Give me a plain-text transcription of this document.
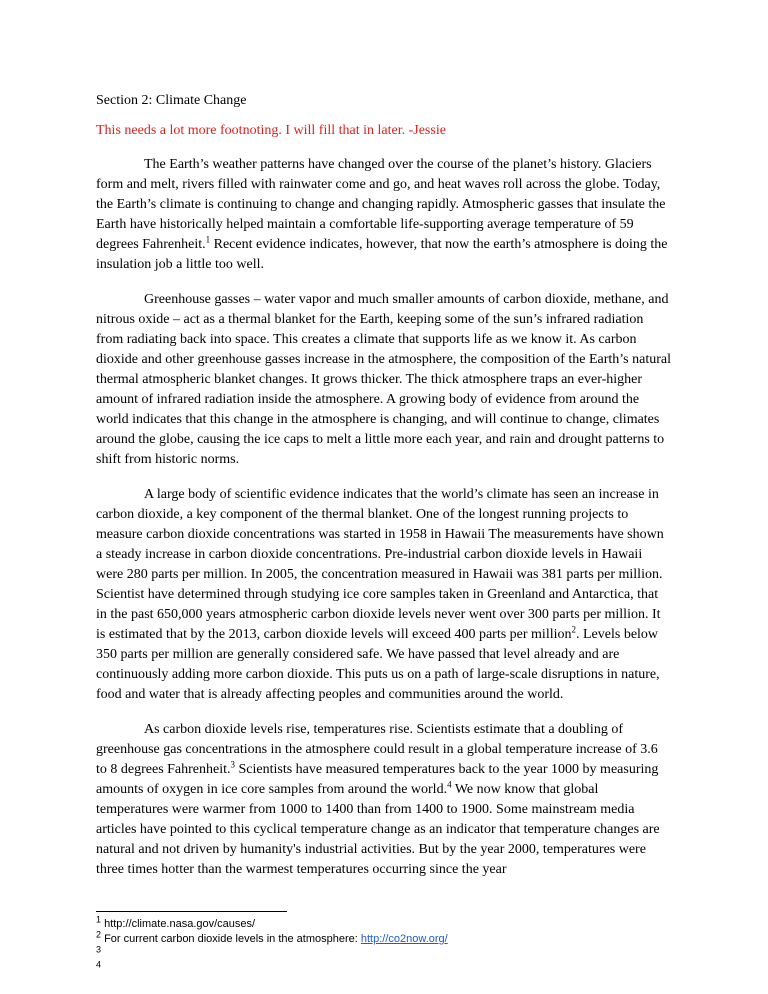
Section 2: Climate Change
This needs a lot more footnoting. I will fill that in later. -Jessie

The Earth’s weather patterns have changed over the course of the planet’s history. Glaciers form and melt, rivers filled with rainwater come and go, and heat waves roll across the globe. Today, the Earth’s climate is continuing to change and changing rapidly. Atmospheric gasses that insulate the Earth have historically helped maintain a comfortable life-supporting average temperature of 59 degrees Fahrenheit.$^1$ Recent evidence indicates, however, that now the earth’s atmosphere is doing the insulation job a little too well.

Greenhouse gasses – water vapor and much smaller amounts of carbon dioxide, methane, and nitrous oxide – act as a thermal blanket for the Earth, keeping some of the sun’s infrared radiation from radiating back into space. This creates a climate that supports life as we know it. As carbon dioxide and other greenhouse gasses increase in the atmosphere, the composition of the Earth’s natural thermal atmospheric blanket changes. It grows thicker. The thick atmosphere traps an ever-higher amount of infrared radiation inside the atmosphere. A growing body of evidence from around the world indicates that this change in the atmosphere is changing, and will continue to change, climates around the globe, causing the ice caps to melt a little more each year, and rain and drought patterns to shift from historic norms.

A large body of scientific evidence indicates that the world’s climate has seen an increase in carbon dioxide, a key component of the thermal blanket. One of the longest running projects to measure carbon dioxide concentrations was started in 1958 in Hawaii The measurements have shown a steady increase in carbon dioxide concentrations. Pre-industrial carbon dioxide levels in Hawaii were 280 parts per million. In 2005, the concentration measured in Hawaii was 381 parts per million. Scientist have determined through studying ice core samples taken in Greenland and Antarctica, that in the past 650,000 years atmospheric carbon dioxide levels never went over 300 parts per million. It is estimated that by the 2013, carbon dioxide levels will exceed 400 parts per million$^2$. Levels below 350 parts per million are generally considered safe. We have passed that level already and are continuously adding more carbon dioxide. This puts us on a path of large-scale disruptions in nature, food and water that is already affecting peoples and communities around the world.

As carbon dioxide levels rise, temperatures rise. Scientists estimate that a doubling of greenhouse gas concentrations in the atmosphere could result in a global temperature increase of 3.6 to 8 degrees Fahrenheit.$^3$ Scientists have measured temperatures back to the year 1000 by measuring amounts of oxygen in ice core samples from around the world.$^4$ We now know that global temperatures were warmer from 1000 to 1400 than from 1400 to 1900. Some mainstream media articles have pointed to this cyclical temperature change as an indicator that temperature changes are natural and not driven by humanity's industrial activities. But by the year 2000, temperatures were three times hotter than the warmest temperatures occurring since the year

$^1$ http://climate.nasa.gov/causes/
$^2$ For current carbon dioxide levels in the atmosphere: http://co2now.org/
$^3$
$^4$
